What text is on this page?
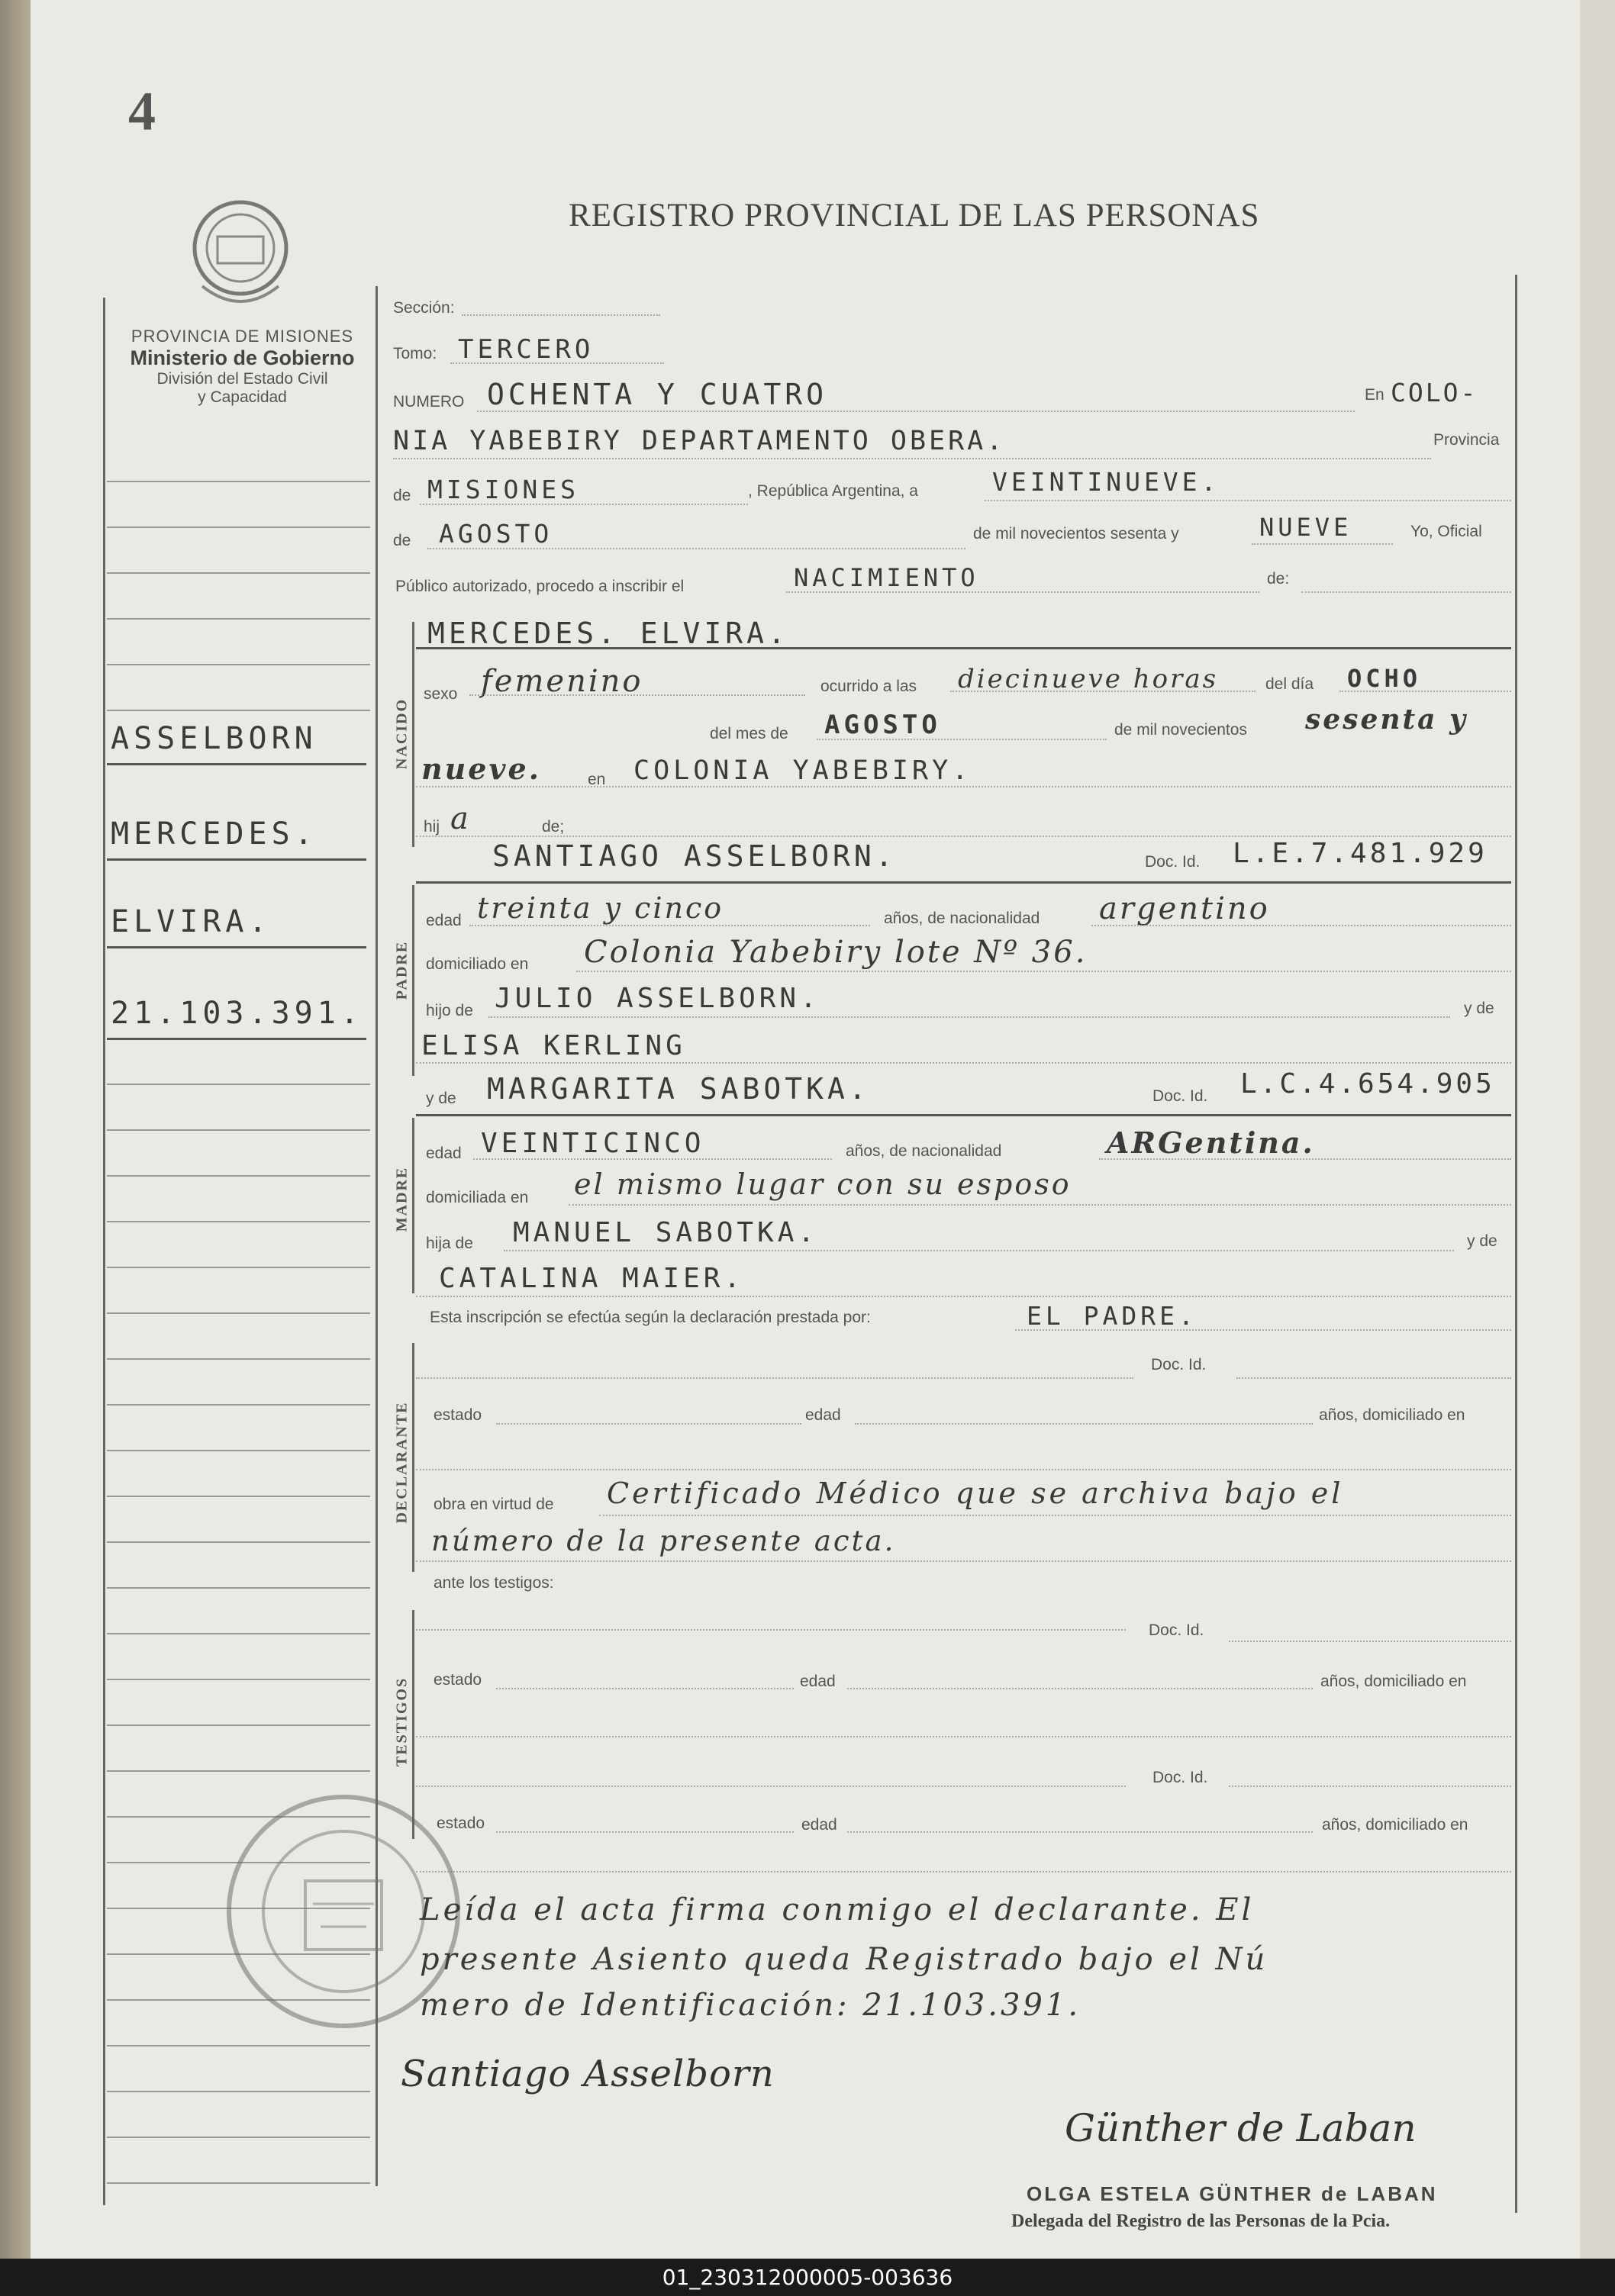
4
REGISTRO PROVINCIAL DE LAS PERSONAS
PROVINCIA DE MISIONES
Ministerio de Gobierno
División del Estado Civil
y Capacidad
ASSELBORN
MERCEDES.
ELVIRA.
21.103.391.
Sección:
Tomo: TERCERO
NUMERO OCHENTA Y CUATRO	En COLO-
NIA YABEBIRY DEPARTAMENTO OBERA.	Provincia
de MISIONES	, República Argentina, a	VEINTINUEVE.
de AGOSTO	de mil novecientos sesenta y	NUEVE	Yo, Oficial
Público autorizado, procedo a inscribir el	NACIMIENTO	de:
NACIDO
MERCEDES. ELVIRA.
sexo femenino	ocurrido a las diecinueve horas	del día OCHO
del mes de AGOSTO	de mil novecientos sesenta y
nueve.	en COLONIA YABEBIRY.
hij a	de;
SANTIAGO ASSELBORN.	Doc. Id. L.E.7.481.929
PADRE
edad treinta y cinco	años, de nacionalidad argentino
domiciliado en Colonia Yabebiry lote Nº 36.
hijo de JULIO ASSELBORN.	y de
ELISA KERLING
y de MARGARITA SABOTKA.	Doc. Id. L.C.4.654.905
MADRE
edad VEINTICINCO	años, de nacionalidad	ARGentina.
domiciliada en el mismo lugar con su esposo
hija de MANUEL SABOTKA.	y de
CATALINA MAIER.
Esta inscripción se efectúa según la declaración prestada por:	EL PADRE.
DECLARANTE
Doc. Id.
estado	edad	años, domiciliado en
obra en virtud de Certificado Médico que se archiva bajo el
número de la presente acta.
ante los testigos:
TESTIGOS
Doc. Id.
estado	edad	años, domiciliado en
Doc. Id.
estado	edad	años, domiciliado en
Leída el acta firma conmigo el declarante. El
presente Asiento queda Registrado bajo el Nú
mero de Identificación: 21.103.391.
Santiago Asselborn
Günther de Laban
OLGA ESTELA GÜNTHER de LABAN
Delegada del Registro de las Personas de la Pcia.
01_230312000005-003636
